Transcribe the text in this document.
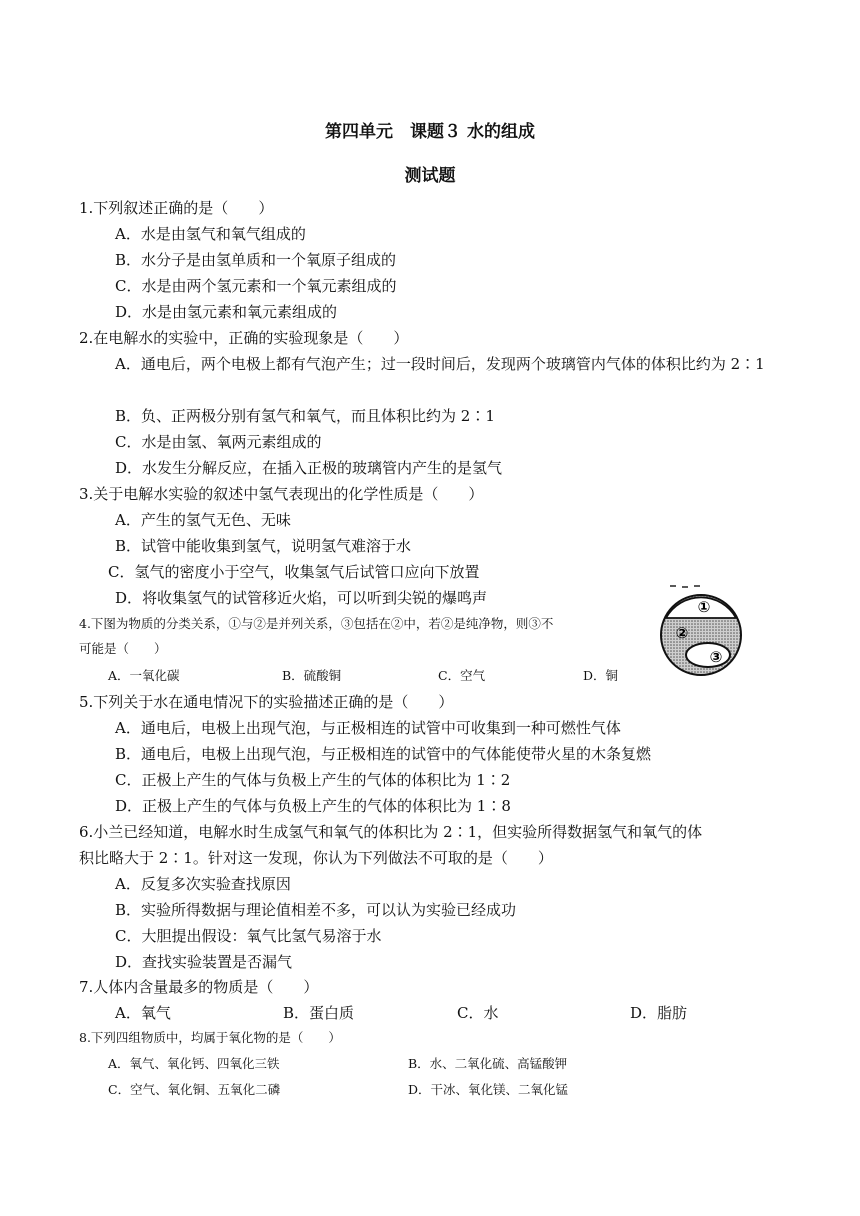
第四单元　课题３ 水的组成
测试题
1.下列叙述正确的是（　　）
A．水是由氢气和氧气组成的
B．水分子是由氢单质和一个氧原子组成的
C．水是由两个氢元素和一个氧元素组成的
D．水是由氢元素和氧元素组成的
2.在电解水的实验中，正确的实验现象是（　　）
A．通电后，两个电极上都有气泡产生；过一段时间后，发现两个玻璃管内气体的体积比约为 2∶1
B．负、正两极分别有氢气和氧气，而且体积比约为 2∶1
C．水是由氢、氧两元素组成的
D．水发生分解反应，在插入正极的玻璃管内产生的是氢气
3.关于电解水实验的叙述中氢气表现出的化学性质是（　　）
A．产生的氢气无色、无味
B．试管中能收集到氢气，说明氢气难溶于水
C．氢气的密度小于空气，收集氢气后试管口应向下放置
D．将收集氢气的试管移近火焰，可以听到尖锐的爆鸣声
4.下图为物质的分类关系，①与②是并列关系，③包括在②中，若②是纯净物，则③不
可能是（　　）
A．一氧化碳	B．硫酸铜	C．空气	D．铜
①
②
③
5.下列关于水在通电情况下的实验描述正确的是（　　）
A．通电后，电极上出现气泡，与正极相连的试管中可收集到一种可燃性气体
B．通电后，电极上出现气泡，与正极相连的试管中的气体能使带火星的木条复燃
C．正极上产生的气体与负极上产生的气体的体积比为 1∶2
D．正极上产生的气体与负极上产生的气体的体积比为 1∶8
6.小兰已经知道，电解水时生成氢气和氧气的体积比为 2∶1，但实验所得数据氢气和氧气的体
积比略大于 2∶1。针对这一发现，你认为下列做法不可取的是（　　）
A．反复多次实验查找原因
B．实验所得数据与理论值相差不多，可以认为实验已经成功
C．大胆提出假设：氧气比氢气易溶于水
D．查找实验装置是否漏气
7.人体内含量最多的物质是（　　）
A．氧气	B．蛋白质	C．水	D．脂肪
8.下列四组物质中，均属于氧化物的是（　　）
A．氧气、氧化钙、四氧化三铁	B．水、二氧化硫、高锰酸钾
C．空气、氧化铜、五氧化二磷	D．干冰、氧化镁、二氧化锰
